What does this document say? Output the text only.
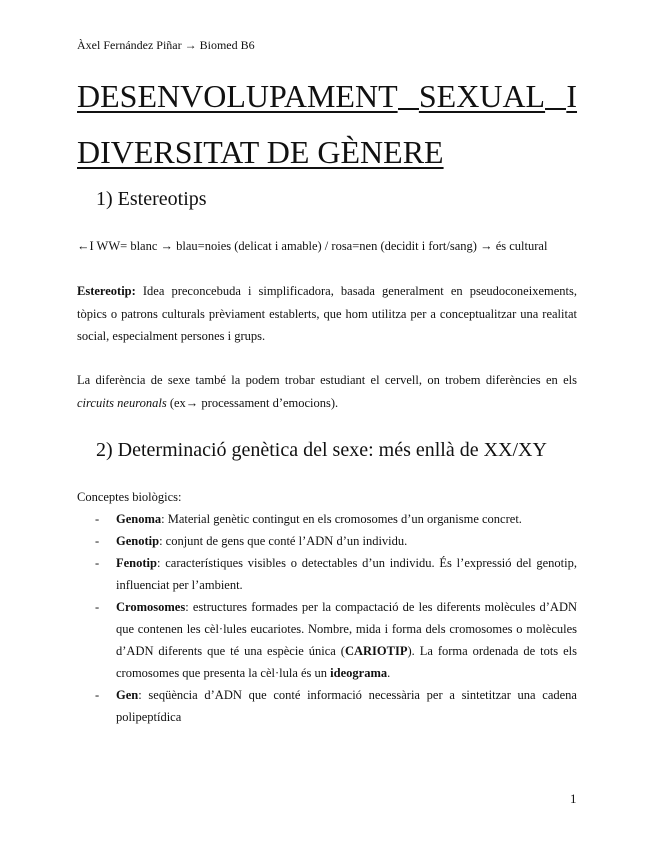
Àxel Fernández Piñar → Biomed B6
DESENVOLUPAMENT SEXUAL I
DIVERSITAT DE GÈNERE
1) Estereotips

←I WW= blanc → blau=noies (delicat i amable) / rosa=nen (decidit i fort/sang) → és cultural

Estereotip: Idea preconcebuda i simplificadora, basada generalment en pseudoconeixements, tòpics o patrons culturals prèviament establerts, que hom utilitza per a conceptualitzar una realitat social, especialment persones i grups.

La diferència de sexe també la podem trobar estudiant el cervell, on trobem diferències en els circuits neuronals (ex→ processament d’emocions).

2) Determinació genètica del sexe: més enllà de XX/XY

Conceptes biològics:

- Genoma: Material genètic contingut en els cromosomes d’un organisme concret.
- Genotip: conjunt de gens que conté l’ADN d’un individu.
- Fenotip: característiques visibles o detectables d’un individu. És l’expressió del genotip, influenciat per l’ambient.
- Cromosomes: estructures formades per la compactació de les diferents molècules d’ADN que contenen les cèl·lules eucariotes. Nombre, mida i forma dels cromosomes o molècules d’ADN diferents que té una espècie única (CARIOTIP). La forma ordenada de tots els cromosomes que presenta la cèl·lula és un ideograma.
- Gen: seqüència d’ADN que conté informació necessària per a sintetitzar una cadena polipeptídica
1
